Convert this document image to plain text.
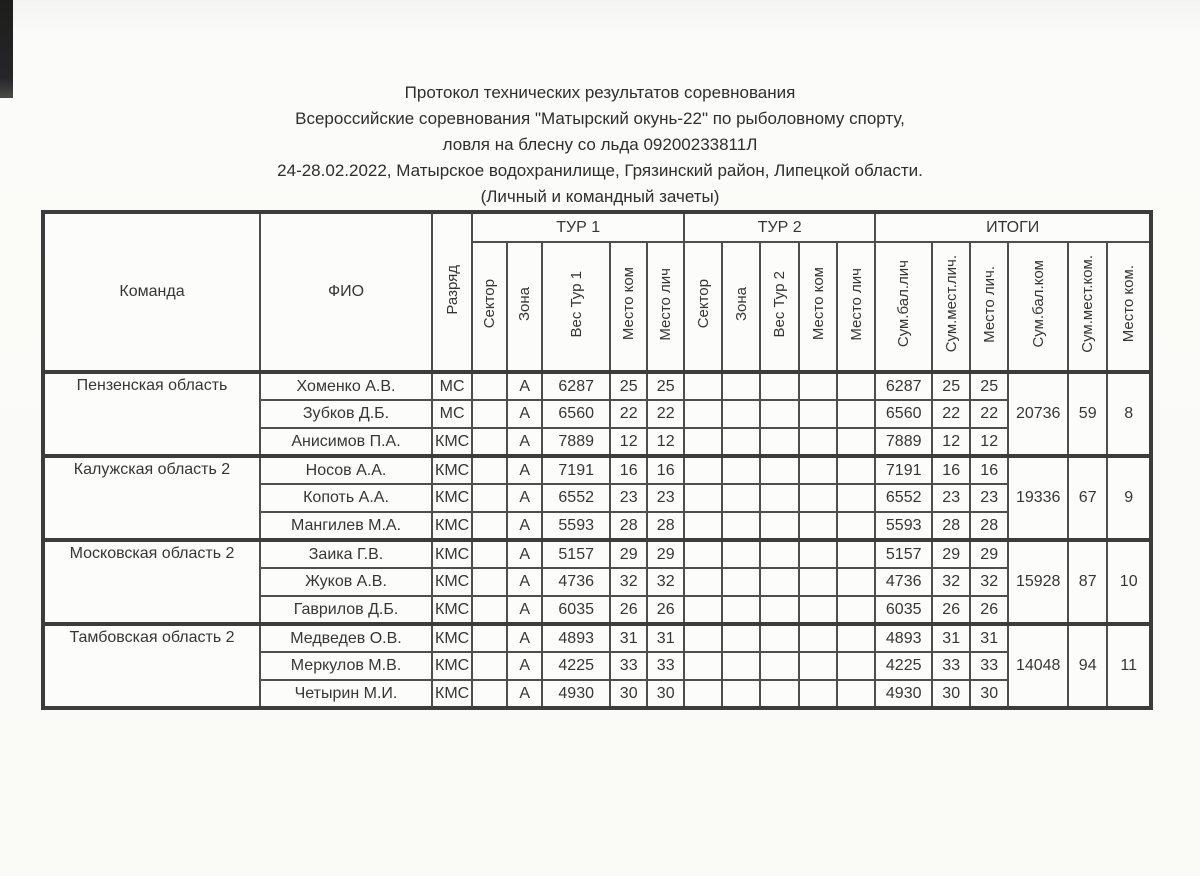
Протокол технических результатов соревнования
Всероссийские соревнования "Матырский окунь-22" по рыболовному спорту,
ловля на блесну со льда 09200233811Л
24-28.02.2022, Матырское водохранилище, Грязинский район, Липецкой области.
(Личный и командный зачеты)
Команда	ФИО	Разряд	ТУР 1					ТУР 2					ИТОГИ					
			Сектор	Зона	Вес Тур 1	Место ком	Место лич	Сектор	Зона	Вес Тур 2	Место ком	Место лич	Сум.бал.лич	Сум.мест.лич.	Место лич.	Сум.бал.ком	Сум.мест.ком.	Место ком.
Пензенская область	Хоменко А.В.	МС		А	6287	25	25						6287	25	25	20736	59	8
	Зубков Д.Б.	МС		А	6560	22	22						6560	22	22			
	Анисимов П.А.	КМС		А	7889	12	12						7889	12	12			
Калужская область 2	Носов А.А.	КМС		А	7191	16	16						7191	16	16	19336	67	9
	Копоть А.А.	КМС		А	6552	23	23						6552	23	23			
	Мангилев М.А.	КМС		А	5593	28	28						5593	28	28			
Московская область 2	Заика Г.В.	КМС		А	5157	29	29						5157	29	29	15928	87	10
	Жуков А.В.	КМС		А	4736	32	32						4736	32	32			
	Гаврилов Д.Б.	КМС		А	6035	26	26						6035	26	26			
Тамбовская область 2	Медведев О.В.	КМС		А	4893	31	31						4893	31	31	14048	94	11
	Меркулов М.В.	КМС		А	4225	33	33						4225	33	33			
	Четырин М.И.	КМС		А	4930	30	30						4930	30	30			
